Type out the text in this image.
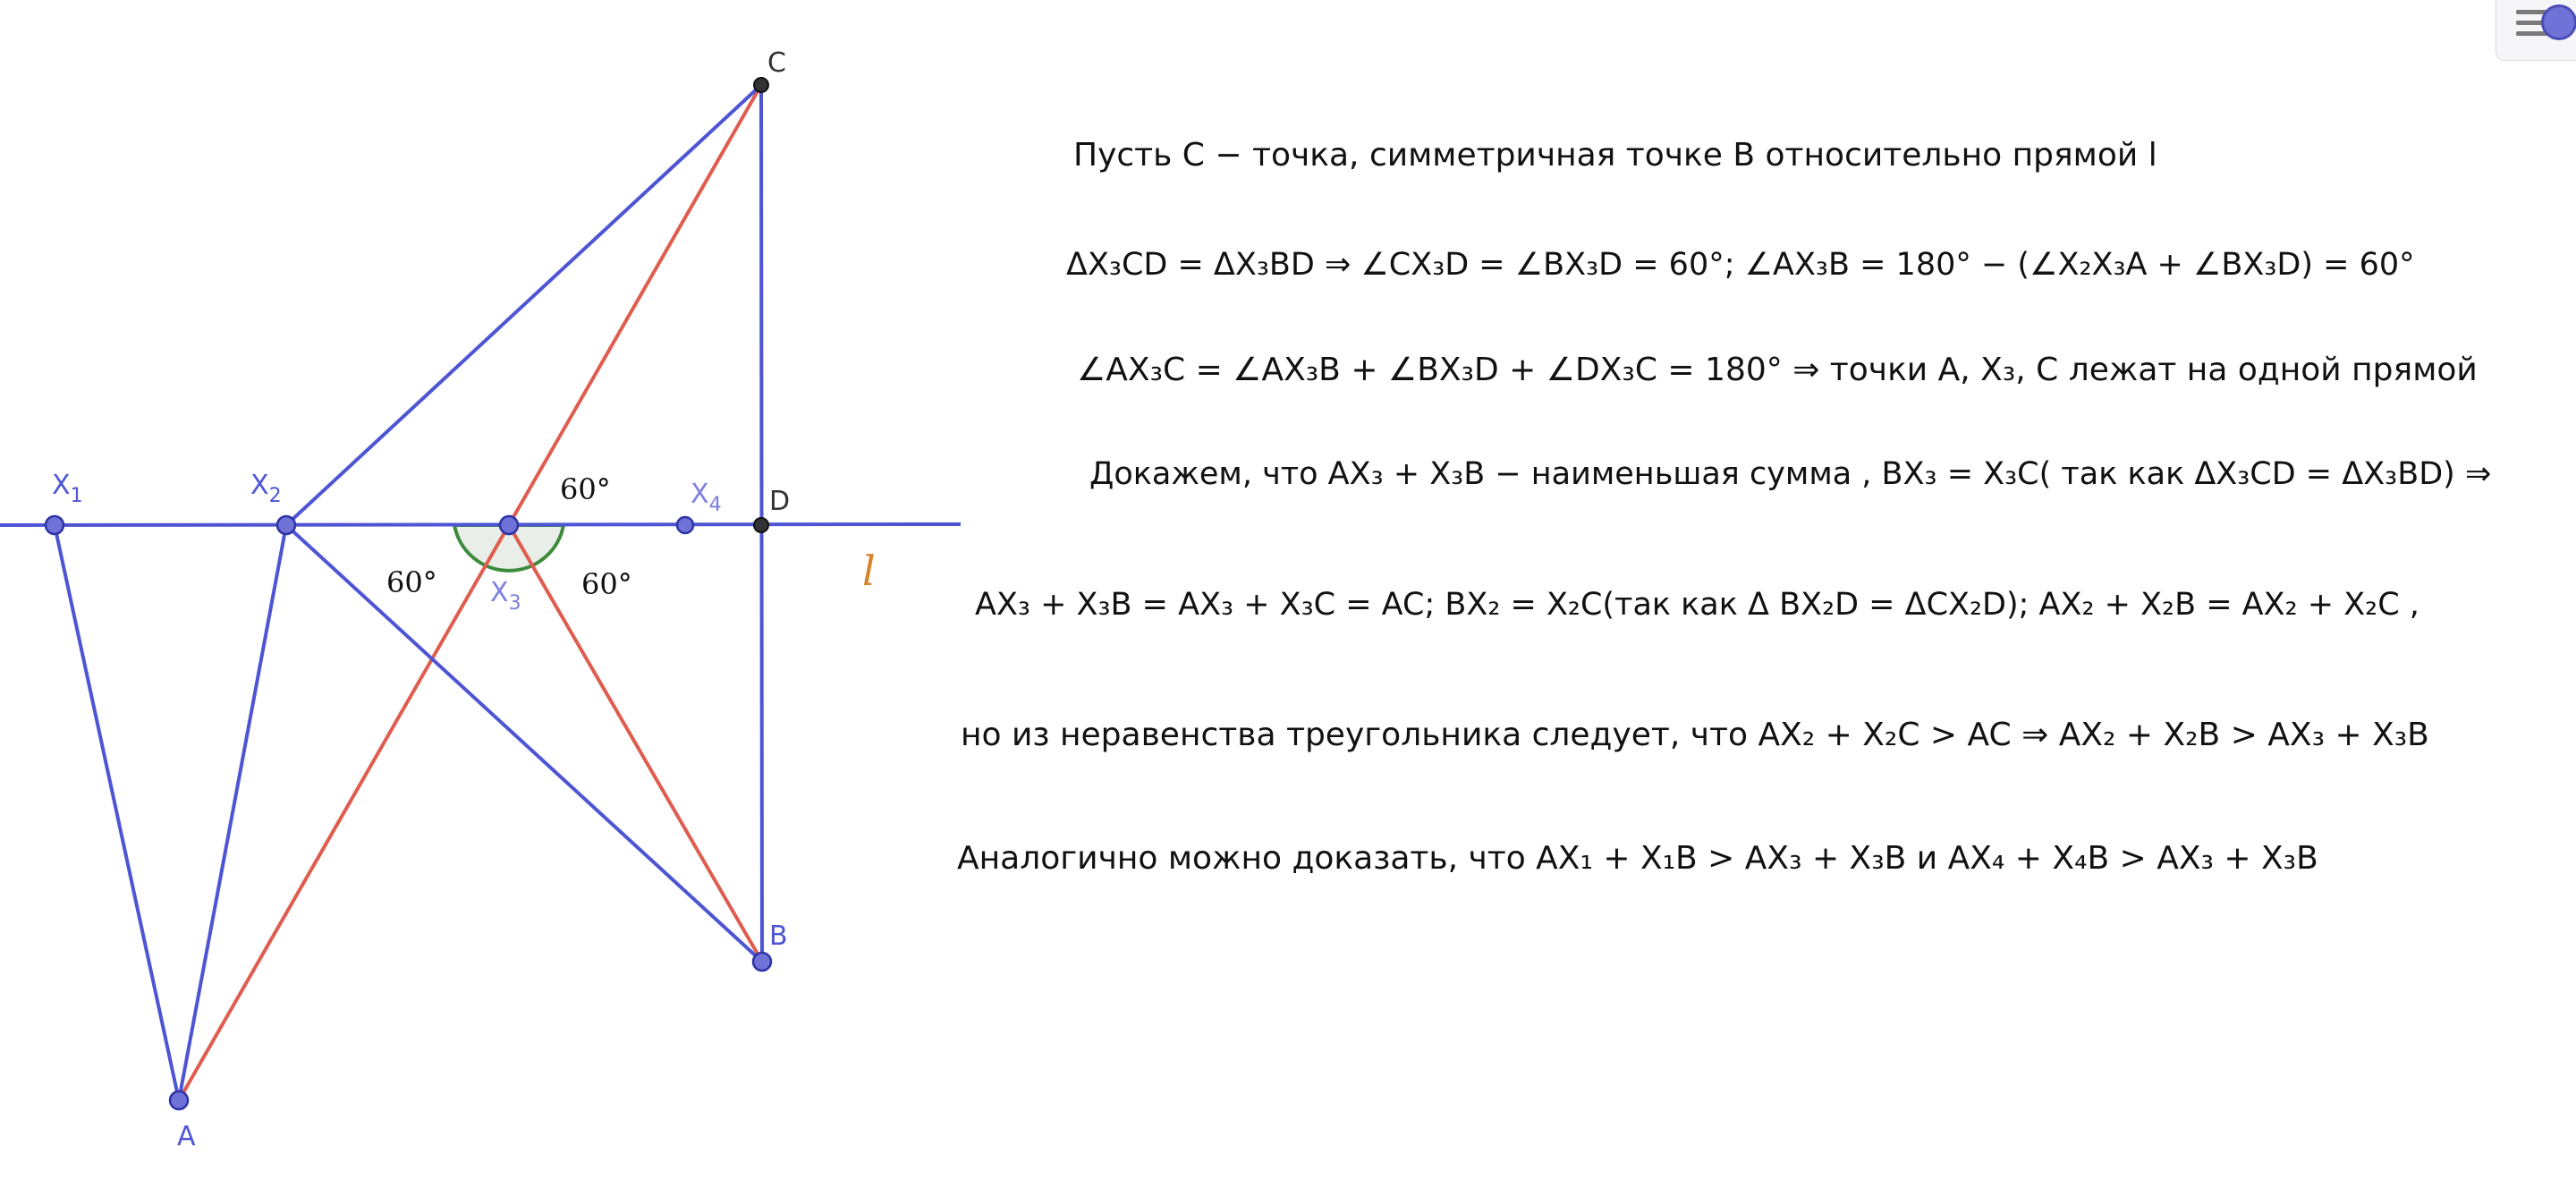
$X_1$	$X_2$
$X_3$
$X_4$ D
C
B
A
60°
60°	60°	l
Пусть C − точка, симметричная точке B относительно прямой l
ΔX₃CD = ΔX₃BD ⇒ ∠CX₃D = ∠BX₃D = 60°; ∠AX₃B = 180° − (∠X₂X₃A + ∠BX₃D) = 60°
∠AX₃C = ∠AX₃B + ∠BX₃D + ∠DX₃C = 180° ⇒ точки A, X₃, C лежат на одной прямой
Докажем, что AX₃ + X₃B − наименьшая сумма , BX₃ = X₃C( так как ΔX₃CD = ΔX₃BD) ⇒
AX₃ + X₃B = AX₃ + X₃C = AC; BX₂ = X₂C(так как Δ BX₂D = ΔCX₂D); AX₂ + X₂B = AX₂ + X₂C ,
но из неравенства треугольника следует, что AX₂ + X₂C > AC ⇒ AX₂ + X₂B > AX₃ + X₃B
Аналогично можно доказать, что AX₁ + X₁B > AX₃ + X₃B и AX₄ + X₄B > AX₃ + X₃B
